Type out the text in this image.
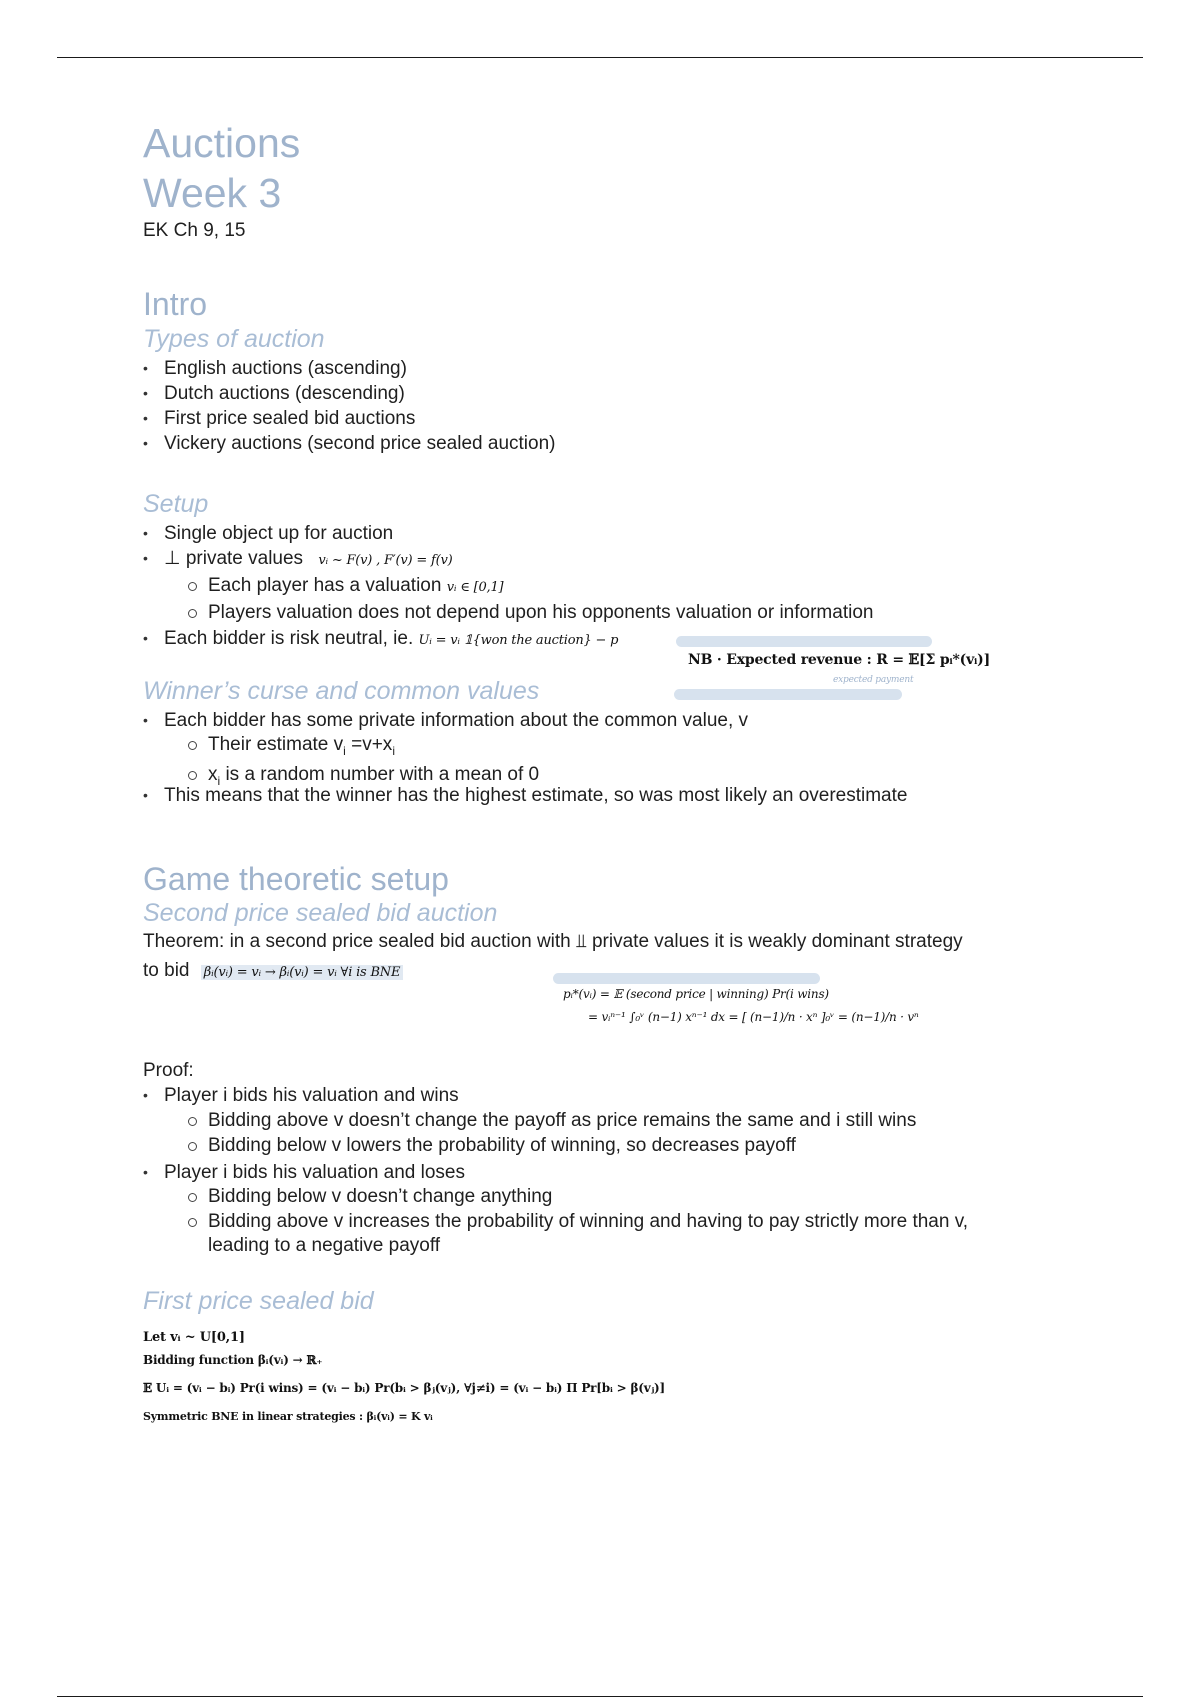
Auctions
Week 3
EK Ch 9, 15
Intro
Types of auction
• English auctions (ascending)
• Dutch auctions (descending)
• First price sealed bid auctions
• Vickery auctions (second price sealed auction)
Setup
• Single object up for auction
• ⊥ private values vᵢ ~ F(v) , F′(v) = f(v)
Each player has a valuation vᵢ ∈ [0,1]
Players valuation does not depend upon his opponents valuation or information
• Each bidder is risk neutral, ie. Uᵢ = vᵢ 𝟙{won the auction} − p
NB · Expected revenue : R = 𝔼[Σ pᵢ*(vᵢ)]
expected payment
Winner’s curse and common values
• Each bidder has some private information about the common value, v
Their estimate $v_i =v+x_i$
$x_i$ is a random number with a mean of 0
• This means that the winner has the highest estimate, so was most likely an overestimate
Game theoretic setup
Second price sealed bid auction
Theorem: in a second price sealed bid auction with ⫫ private values it is weakly dominant strategy
to bid βᵢ(vᵢ) = vᵢ → βᵢ(vᵢ) = vᵢ ∀i is BNE
pᵢ*(vᵢ) = 𝔼 (second price | winning) Pr(i wins)
= vᵢⁿ⁻¹ ∫₀ᵛ (n−1) xⁿ⁻¹ dx = [ (n−1)/n · xⁿ ]₀ᵛ = (n−1)/n · vⁿ
Proof:
• Player i bids his valuation and wins
Bidding above v doesn’t change the payoff as price remains the same and i still wins
Bidding below v lowers the probability of winning, so decreases payoff
• Player i bids his valuation and loses
Bidding below v doesn’t change anything
Bidding above v increases the probability of winning and having to pay strictly more than v, leading to a negative payoff
First price sealed bid
Let vᵢ ~ U[0,1]
Bidding function βᵢ(vᵢ) → ℝ₊
𝔼 Uᵢ = (vᵢ − bᵢ) Pr(i wins) = (vᵢ − bᵢ) Pr(bᵢ > βⱼ(vⱼ), ∀j≠i) = (vᵢ − bᵢ) Π Pr[bᵢ > β(vⱼ)]
Symmetric BNE in linear strategies : βᵢ(vᵢ) = K vᵢ
